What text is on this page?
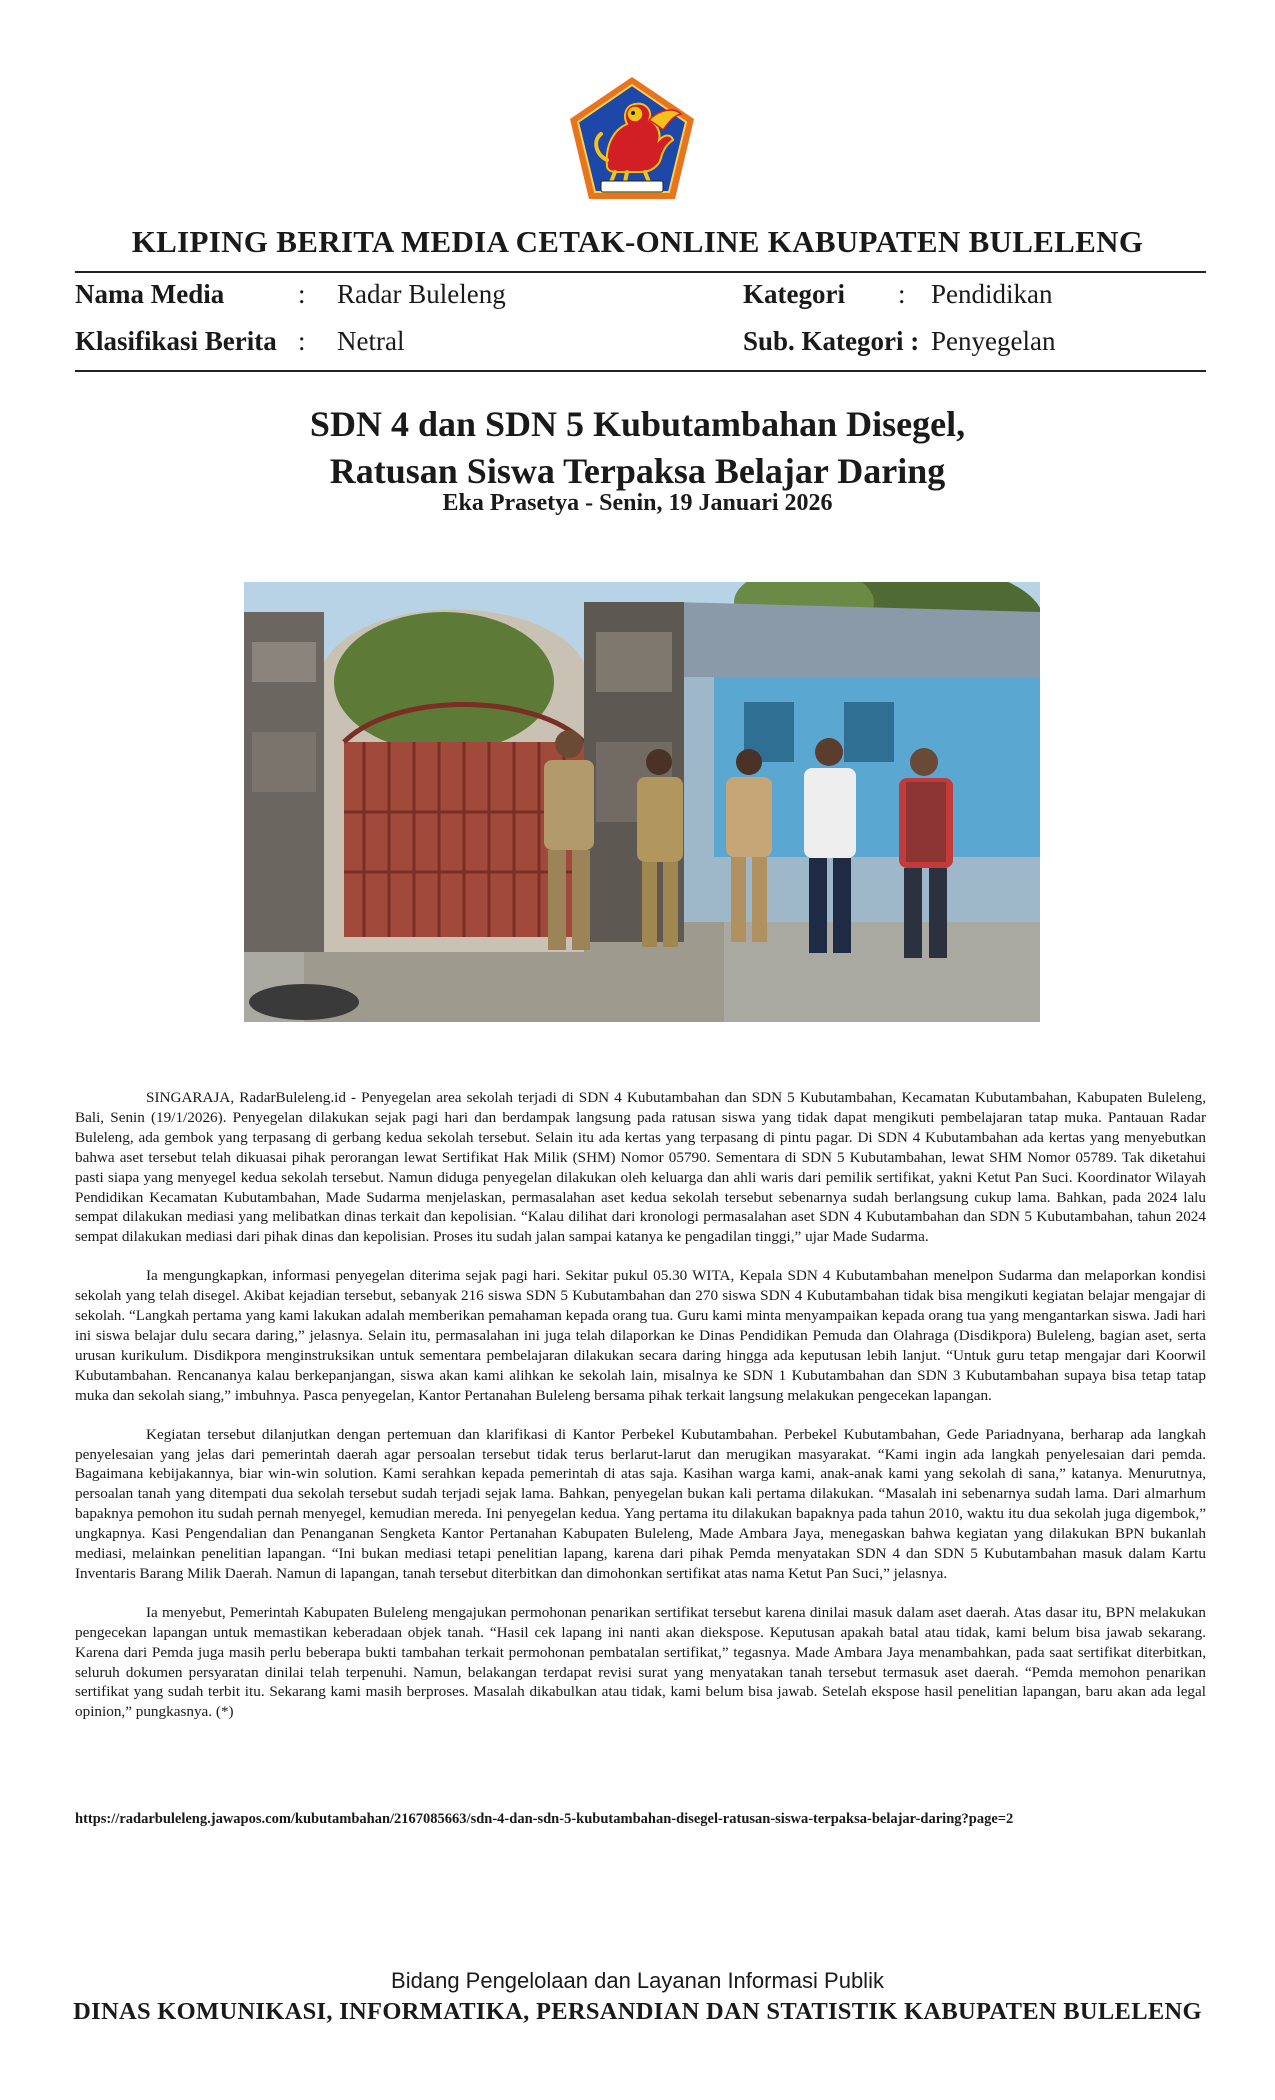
KLIPING BERITA MEDIA CETAK-ONLINE KABUPATEN BULELENG
Nama Media	: Radar Buleleng	Kategori : Pendidikan
Klasifikasi Berita : Netral	Sub. Kategori : Penyegelan
SDN 4 dan SDN 5 Kubutambahan Disegel,
Ratusan Siswa Terpaksa Belajar Daring
Eka Prasetya - Senin, 19 Januari 2026

SINGARAJA, RadarBuleleng.id - Penyegelan area sekolah terjadi di SDN 4 Kubutambahan dan SDN 5 Kubutambahan, Kecamatan Kubutambahan, Kabupaten Buleleng, Bali, Senin (19/1/2026). Penyegelan dilakukan sejak pagi hari dan berdampak langsung pada ratusan siswa yang tidak dapat mengikuti pembelajaran tatap muka. Pantauan Radar Buleleng, ada gembok yang terpasang di gerbang kedua sekolah tersebut. Selain itu ada kertas yang terpasang di pintu pagar. Di SDN 4 Kubutambahan ada kertas yang menyebutkan bahwa aset tersebut telah dikuasai pihak perorangan lewat Sertifikat Hak Milik (SHM) Nomor 05790. Sementara di SDN 5 Kubutambahan, lewat SHM Nomor 05789. Tak diketahui pasti siapa yang menyegel kedua sekolah tersebut. Namun diduga penyegelan dilakukan oleh keluarga dan ahli waris dari pemilik sertifikat, yakni Ketut Pan Suci. Koordinator Wilayah Pendidikan Kecamatan Kubutambahan, Made Sudarma menjelaskan, permasalahan aset kedua sekolah tersebut sebenarnya sudah berlangsung cukup lama. Bahkan, pada 2024 lalu sempat dilakukan mediasi yang melibatkan dinas terkait dan kepolisian. “Kalau dilihat dari kronologi permasalahan aset SDN 4 Kubutambahan dan SDN 5 Kubutambahan, tahun 2024 sempat dilakukan mediasi dari pihak dinas dan kepolisian. Proses itu sudah jalan sampai katanya ke pengadilan tinggi,” ujar Made Sudarma.

Ia mengungkapkan, informasi penyegelan diterima sejak pagi hari. Sekitar pukul 05.30 WITA, Kepala SDN 4 Kubutambahan menelpon Sudarma dan melaporkan kondisi sekolah yang telah disegel. Akibat kejadian tersebut, sebanyak 216 siswa SDN 5 Kubutambahan dan 270 siswa SDN 4 Kubutambahan tidak bisa mengikuti kegiatan belajar mengajar di sekolah. “Langkah pertama yang kami lakukan adalah memberikan pemahaman kepada orang tua. Guru kami minta menyampaikan kepada orang tua yang mengantarkan siswa. Jadi hari ini siswa belajar dulu secara daring,” jelasnya. Selain itu, permasalahan ini juga telah dilaporkan ke Dinas Pendidikan Pemuda dan Olahraga (Disdikpora) Buleleng, bagian aset, serta urusan kurikulum. Disdikpora menginstruksikan untuk sementara pembelajaran dilakukan secara daring hingga ada keputusan lebih lanjut. “Untuk guru tetap mengajar dari Koorwil Kubutambahan. Rencananya kalau berkepanjangan, siswa akan kami alihkan ke sekolah lain, misalnya ke SDN 1 Kubutambahan dan SDN 3 Kubutambahan supaya bisa tetap tatap muka dan sekolah siang,” imbuhnya. Pasca penyegelan, Kantor Pertanahan Buleleng bersama pihak terkait langsung melakukan pengecekan lapangan.

Kegiatan tersebut dilanjutkan dengan pertemuan dan klarifikasi di Kantor Perbekel Kubutambahan. Perbekel Kubutambahan, Gede Pariadnyana, berharap ada langkah penyelesaian yang jelas dari pemerintah daerah agar persoalan tersebut tidak terus berlarut-larut dan merugikan masyarakat. “Kami ingin ada langkah penyelesaian dari pemda. Bagaimana kebijakannya, biar win-win solution. Kami serahkan kepada pemerintah di atas saja. Kasihan warga kami, anak-anak kami yang sekolah di sana,” katanya. Menurutnya, persoalan tanah yang ditempati dua sekolah tersebut sudah terjadi sejak lama. Bahkan, penyegelan bukan kali pertama dilakukan. “Masalah ini sebenarnya sudah lama. Dari almarhum bapaknya pemohon itu sudah pernah menyegel, kemudian mereda. Ini penyegelan kedua. Yang pertama itu dilakukan bapaknya pada tahun 2010, waktu itu dua sekolah juga digembok,” ungkapnya. Kasi Pengendalian dan Penanganan Sengketa Kantor Pertanahan Kabupaten Buleleng, Made Ambara Jaya, menegaskan bahwa kegiatan yang dilakukan BPN bukanlah mediasi, melainkan penelitian lapangan. “Ini bukan mediasi tetapi penelitian lapang, karena dari pihak Pemda menyatakan SDN 4 dan SDN 5 Kubutambahan masuk dalam Kartu Inventaris Barang Milik Daerah. Namun di lapangan, tanah tersebut diterbitkan dan dimohonkan sertifikat atas nama Ketut Pan Suci,” jelasnya.

Ia menyebut, Pemerintah Kabupaten Buleleng mengajukan permohonan penarikan sertifikat tersebut karena dinilai masuk dalam aset daerah. Atas dasar itu, BPN melakukan pengecekan lapangan untuk memastikan keberadaan objek tanah. “Hasil cek lapang ini nanti akan diekspose. Keputusan apakah batal atau tidak, kami belum bisa jawab sekarang. Karena dari Pemda juga masih perlu beberapa bukti tambahan terkait permohonan pembatalan sertifikat,” tegasnya. Made Ambara Jaya menambahkan, pada saat sertifikat diterbitkan, seluruh dokumen persyaratan dinilai telah terpenuhi. Namun, belakangan terdapat revisi surat yang menyatakan tanah tersebut termasuk aset daerah. “Pemda memohon penarikan sertifikat yang sudah terbit itu. Sekarang kami masih berproses. Masalah dikabulkan atau tidak, kami belum bisa jawab. Setelah ekspose hasil penelitian lapangan, baru akan ada legal opinion,” pungkasnya. (*)

https://radarbuleleng.jawapos.com/kubutambahan/2167085663/sdn-4-dan-sdn-5-kubutambahan-disegel-ratusan-siswa-terpaksa-belajar-daring?page=2
Bidang Pengelolaan dan Layanan Informasi Publik
DINAS KOMUNIKASI, INFORMATIKA, PERSANDIAN DAN STATISTIK KABUPATEN BULELENG
